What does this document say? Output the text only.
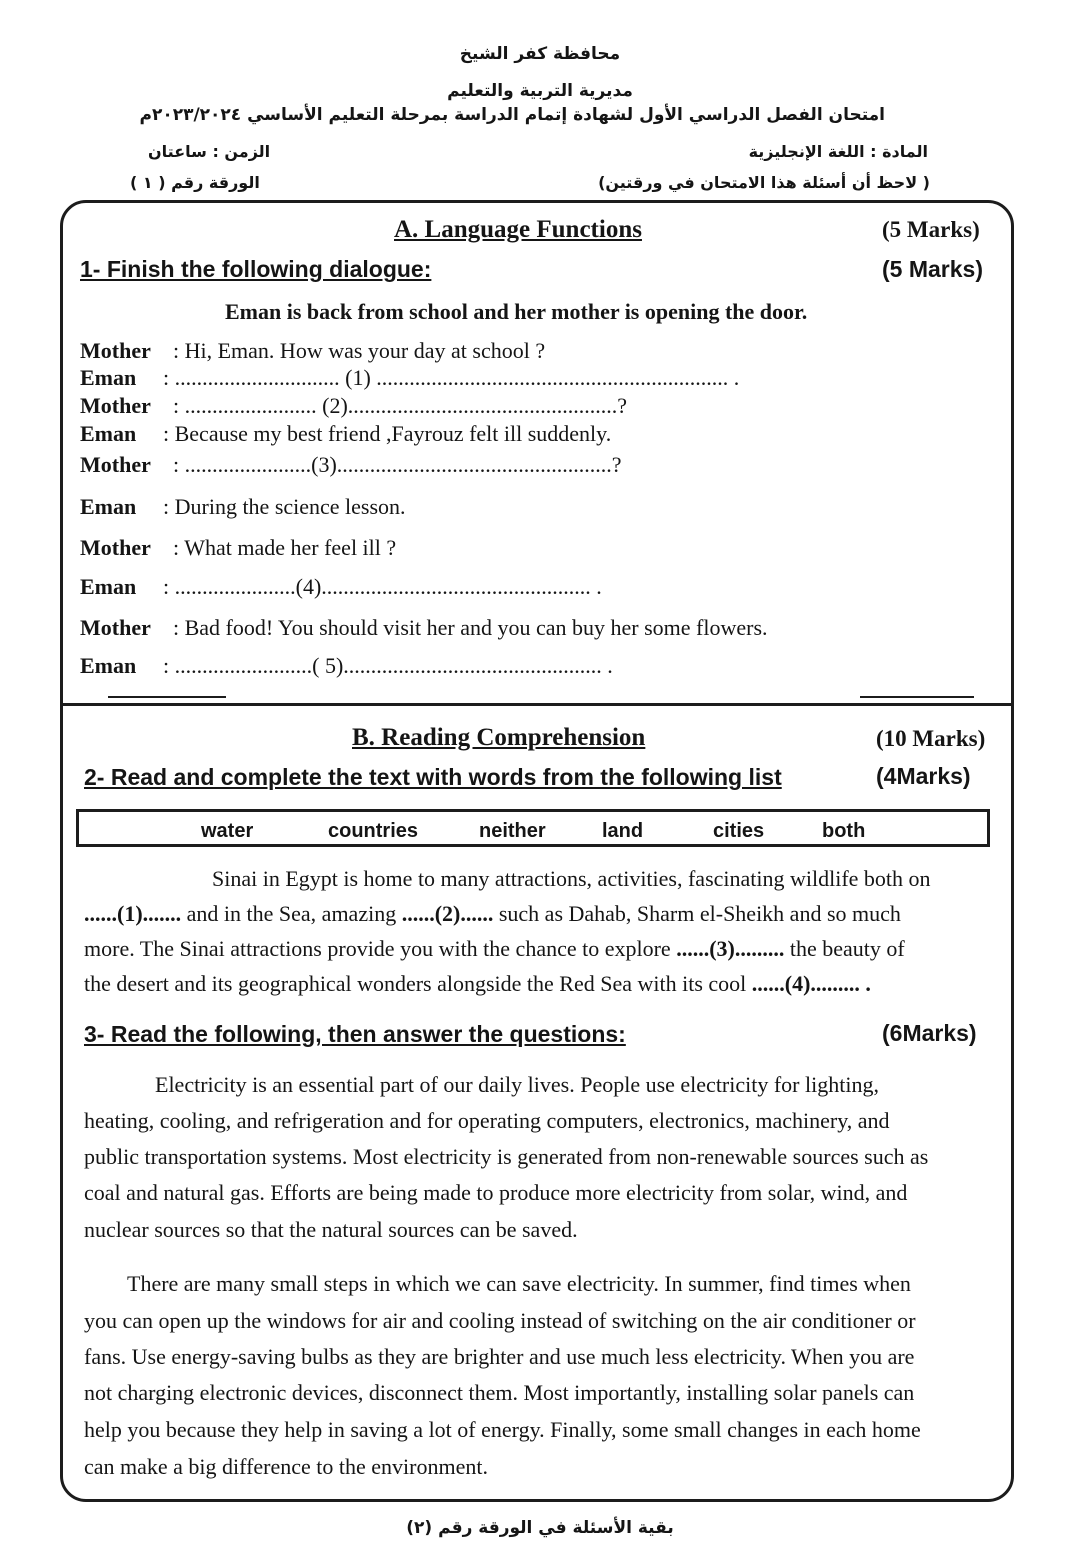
محافظة كفر الشيخ
مديرية التربية والتعليم
امتحان الفصل الدراسي الأول لشهادة إتمام الدراسة بمرحلة التعليم الأساسي ٢٠٢٣/٢٠٢٤م
المادة : اللغة الإنجليزية
الزمن : ساعتان
( لاحظ أن أسئلة هذا الامتحان في ورقتين)
الورقة رقم ( ١ )
A. Language Functions	(5 Marks)
1- Finish the following dialogue:	(5 Marks)
Eman is back from school and her mother is opening the door.
Mother : Hi, Eman. How was your day at school ?
Eman : .............................. (1) ................................................................ .
Mother : ........................ (2).................................................?
Eman : Because my best friend ,Fayrouz felt ill suddenly.
Mother : .......................(3)..................................................?
Eman : During the science lesson.
Mother : What made her feel ill ?
Eman : ......................(4)................................................. .
Mother : Bad food! You should visit her and you can buy her some flowers.
Eman : .........................( 5)............................................... .
B. Reading Comprehension	(10 Marks)
2- Read and complete the text with words from the following list	(4Marks)
water	countries	neither	land	cities	both
Sinai in Egypt is home to many attractions, activities, fascinating wildlife both on
......(1)....... and in the Sea, amazing ......(2)...... such as Dahab, Sharm el-Sheikh and so much
more. The Sinai attractions provide you with the chance to explore ......(3)......... the beauty of
the desert and its geographical wonders alongside the Red Sea with its cool ......(4)......... .
3- Read the following, then answer the questions:	(6Marks)
Electricity is an essential part of our daily lives. People use electricity for lighting,
heating, cooling, and refrigeration and for operating computers, electronics, machinery, and
public transportation systems. Most electricity is generated from non-renewable sources such as
coal and natural gas. Efforts are being made to produce more electricity from solar, wind, and
nuclear sources so that the natural sources can be saved.
There are many small steps in which we can save electricity. In summer, find times when
you can open up the windows for air and cooling instead of switching on the air conditioner or
fans. Use energy-saving bulbs as they are brighter and use much less electricity. When you are
not charging electronic devices, disconnect them. Most importantly, installing solar panels can
help you because they help in saving a lot of energy. Finally, some small changes in each home
can make a big difference to the environment.
بقية الأسئلة في الورقة رقم (٢)
